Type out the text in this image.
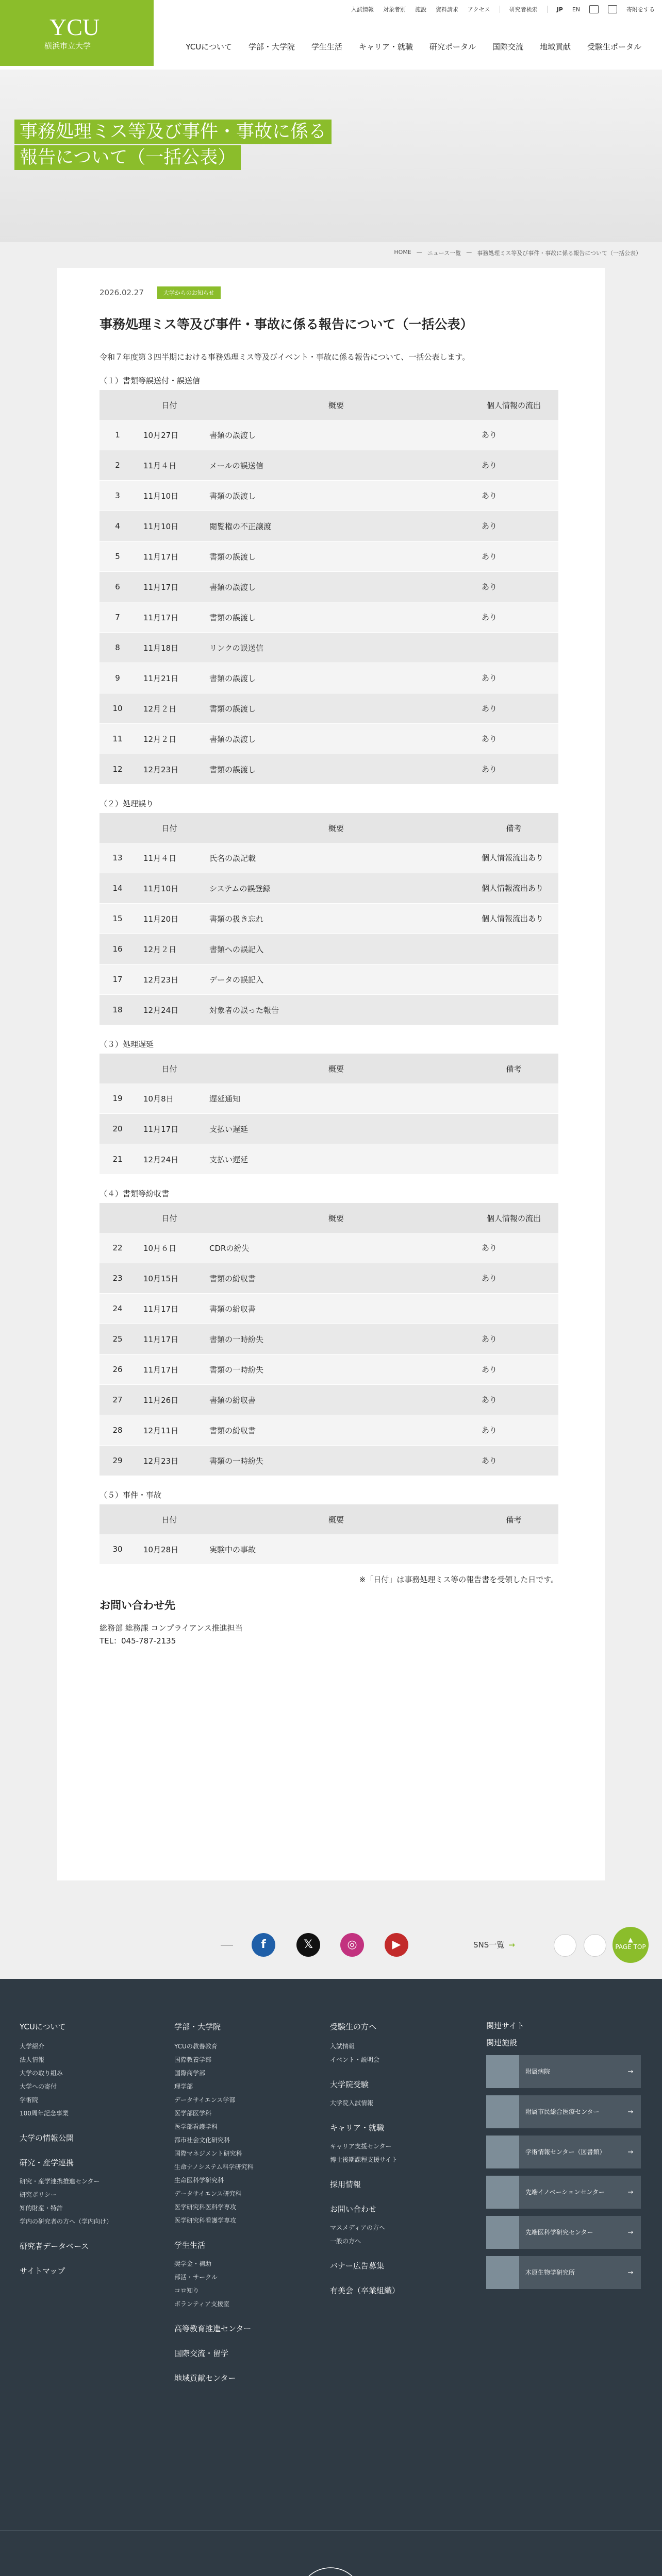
YCU
横浜市立大学
入試情報 対象者別 施設 資料請求 アクセス	研究者検索	JP EN	寄附をする
YCUについて 学部・大学院 学生生活 キャリア・就職 研究ポータル 国際交流 地域貢献 受験生ポータル
事務処理ミス等及び事件・事故に係る報告について（一括公表）
HOME — ニュース一覧 — 事務処理ミス等及び事件・事故に係る報告について（一括公表）
2026.02.27	大学からのお知らせ
事務処理ミス等及び事件・事故に係る報告について（一括公表）
令和７年度第３四半期における事務処理ミス等及びイベント・事故に係る報告について、一括公表します。
（１）書類等誤送付・誤送信
	日付	概要	個人情報の流出
1	10月27日	書類の誤渡し	あり
2	11月４日	メールの誤送信	あり
3	11月10日	書類の誤渡し	あり
4	11月10日	閲覧権の不正譲渡	あり
5	11月17日	書類の誤渡し	あり
6	11月17日	書類の誤渡し	あり
7	11月17日	書類の誤渡し	あり
8	11月18日	リンクの誤送信	
9	11月21日	書類の誤渡し	あり
10	12月２日	書類の誤渡し	あり
11	12月２日	書類の誤渡し	あり
12	12月23日	書類の誤渡し	あり
（２）処理誤り
	日付	概要	備考
13	11月４日	氏名の誤記載	個人情報流出あり
14	11月10日	システムの誤登録	個人情報流出あり
15	11月20日	書類の扱き忘れ	個人情報流出あり
16	12月２日	書類への誤記入	
17	12月23日	データの誤記入	
18	12月24日	対象者の誤った報告	
（３）処理遅延
	日付	概要	備考
19	10月8日	遅延通知	
20	11月17日	支払い遅延	
21	12月24日	支払い遅延	
（４）書類等紛収書
	日付	概要	個人情報の流出
22	10月６日	CDRの紛失	あり
23	10月15日	書類の紛収書	あり
24	11月17日	書類の紛収書	
25	11月17日	書類の一時紛失	あり
26	11月17日	書類の一時紛失	あり
27	11月26日	書類の紛収書	あり
28	12月11日	書類の紛収書	あり
29	12月23日	書類の一時紛失	あり
（５）事件・事故
	日付	概要	備考
30	10月28日	実験中の事故	
※「日付」は事務処理ミス等の報告書を受領した日です。
お問い合わせ先

総務部 総務課 コンプライアンス推進担当

TEL：045-787-2135

f	𝕏	◎	▶	SNS一覧 →
▲
PAGE TOP
YCUについて
大学紹介
法人情報
大学の取り組み
大学への寄付
学術院
100周年記念事業
大学の情報公開
研究・産学連携
研究・産学連携推進センター
研究ポリシー
知的財産・特許
学内の研究者の方へ（学内向け）
研究者データベース
サイトマップ
学部・大学院
YCUの教養教育
国際教養学部
国際商学部
理学部
データサイエンス学部
医学部医学科
医学部看護学科
都市社会文化研究科
国際マネジメント研究科
生命ナノシステム科学研究科
生命医科学研究科
データサイエンス研究科
医学研究科医科学専攻
医学研究科看護学専攻
学生生活
奨学金・補助
部活・サークル
コロ知り
ボランティア支援室
高等教育推進センター
国際交流・留学
地域貢献センター
受験生の方へ
入試情報
イベント・説明会
大学院受験
大学院入試情報
キャリア・就職
キャリア支援センター
博士後期課程支援サイト
採用情報
お問い合わせ
マスメディアの方へ
一般の方へ
バナー広告募集
有美会（卒業組織）
関連サイト
関連施設
附属病院	→
附属市民総合医療センター	→
学術情報センター（図書館）	→
先端イノベーションセンター	→
先端医科学研究センター	→
木原生物学研究所	→
